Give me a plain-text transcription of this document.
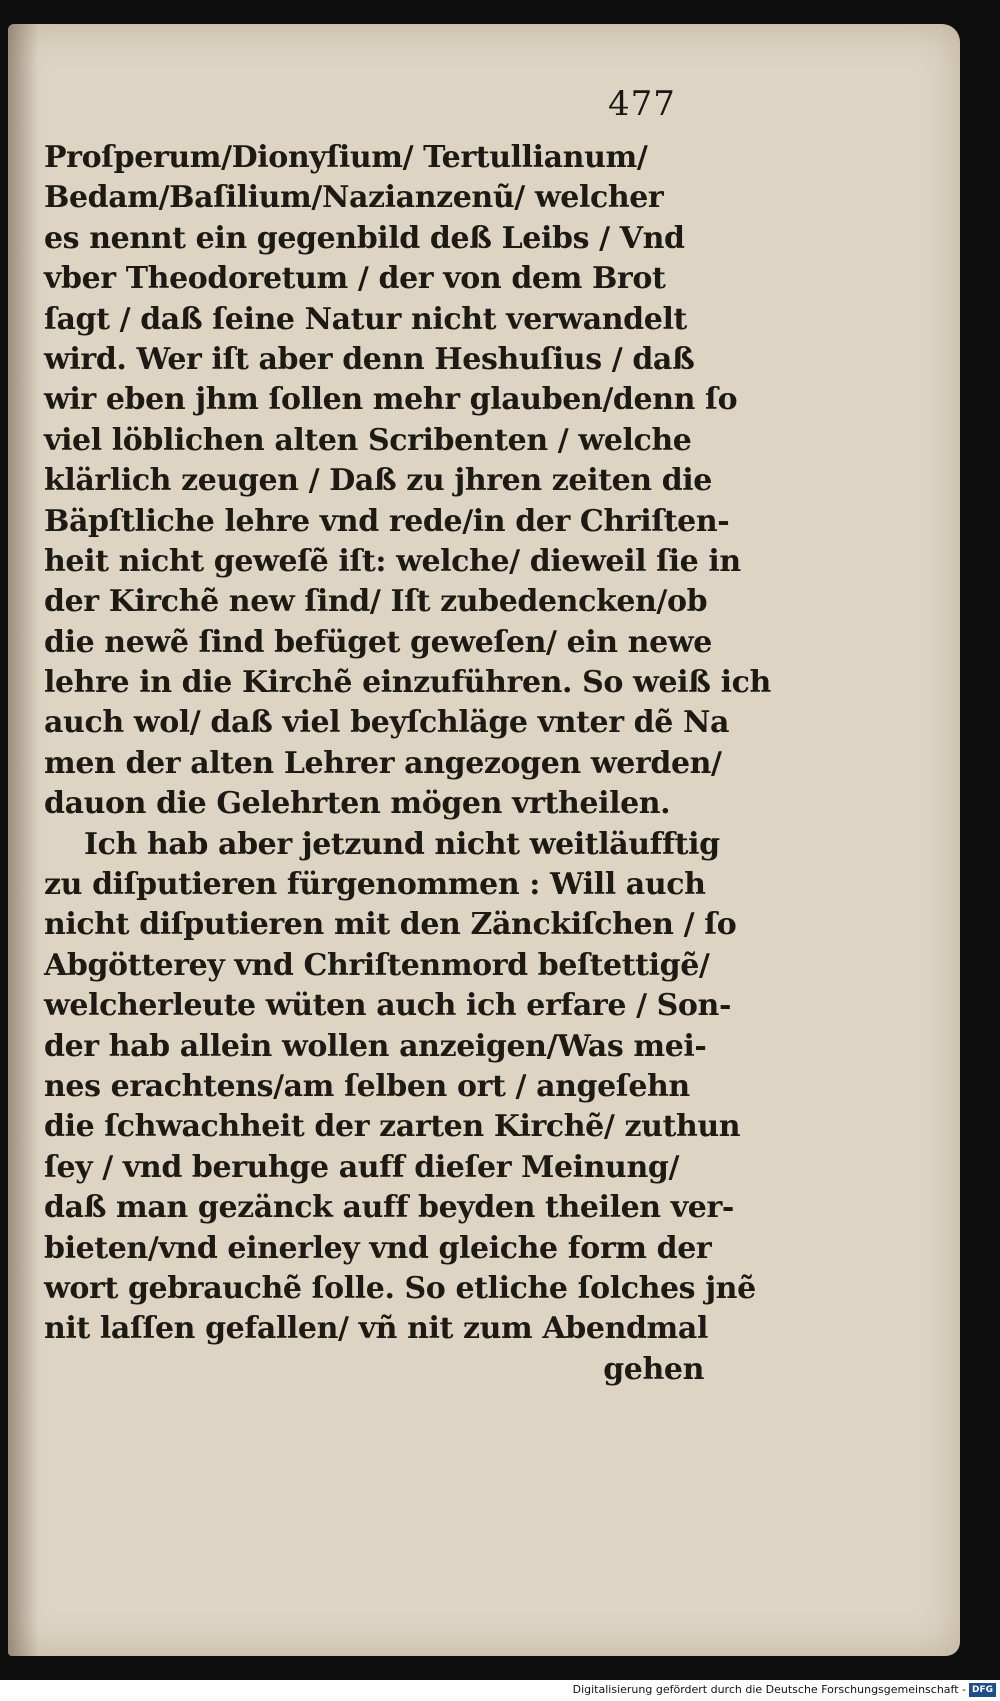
477
Proſperum/Dionyſium/ Tertullianum/
Bedam/Baſilium/Nazianzenũ/ welcher
es nennt ein gegenbild deß Leibs / Vnd
vber Theodoretum / der von dem Brot
ſagt / daß ſeine Natur nicht verwandelt
wird. Wer iſt aber denn Heshuſius / daß
wir eben jhm ſollen mehr glauben/denn ſo
viel löblichen alten Scribenten / welche
klärlich zeugen / Daß zu jhren zeiten die
Bäpſtliche lehre vnd rede/in der Chriſten-
heit nicht geweſẽ iſt: welche/ dieweil ſie in
der Kirchẽ new ſind/ Iſt zubedencken/ob
die newẽ ſind befüget geweſen/ ein newe
lehre in die Kirchẽ einzuführen. So weiß ich
auch wol/ daß viel beyſchläge vnter dẽ Na
men der alten Lehrer angezogen werden/
dauon die Gelehrten mögen vrtheilen.
Ich hab aber jetzund nicht weitläufftig
zu diſputieren fürgenommen : Will auch
nicht diſputieren mit den Zänckiſchen / ſo
Abgötterey vnd Chriſtenmord beſtettigẽ/
welcherleute wüten auch ich erfare / Son-
der hab allein wollen anzeigen/Was mei-
nes erachtens/am ſelben ort / angeſehn
die ſchwachheit der zarten Kirchẽ/ zuthun
ſey / vnd beruhge auff dieſer Meinung/
daß man gezänck auff beyden theilen ver-
bieten/vnd einerley vnd gleiche form der
wort gebrauchẽ ſolle. So etliche ſolches jnẽ
nit laſſen gefallen/ vñ nit zum Abendmal
gehen
Digitalisierung gefördert durch die Deutsche Forschungsgemeinschaft - DFG
